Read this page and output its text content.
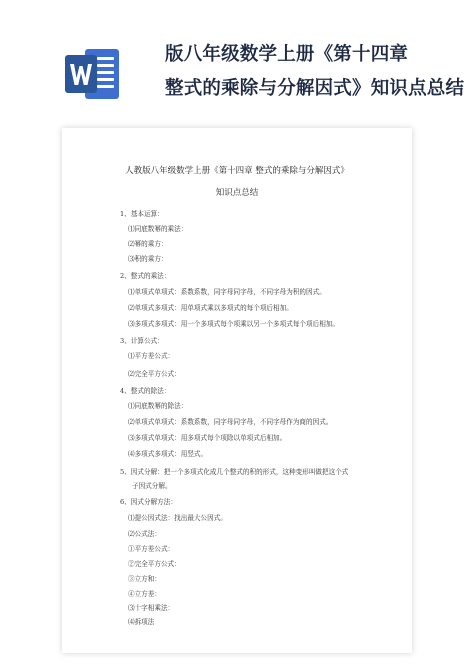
版八年级数学上册《第十四章
整式的乘除与分解因式》知识点总结
人教版八年级数学上册《第十四章 整式的乘除与分解因式》
知识点总结
1、基本运算：
⑴同底数幂的乘法：
⑵幂的乘方：
⑶积的乘方：
2、整式的乘法：
⑴单项式单项式：系数系数，同字母同字母，不同字母为积的因式。
⑵单项式多项式：用单项式乘以多项式的每个项后相加。
⑶多项式多项式：用一个多项式每个项乘以另一个多项式每个项后相加。
3、计算公式：
⑴平方差公式：
⑵完全平方公式：
4、整式的除法：
⑴同底数幂的除法：
⑵单项式单项式：系数系数，同字母同字母，不同字母作为商的因式。
⑶多项式单项式：用多项式每个项除以单项式后相加。
⑷多项式多项式：用竖式。
5、因式分解：把一个多项式化成几个整式的积的形式，这种变形叫做把这个式
子因式分解。
6、因式分解方法：
⑴提公因式法：找出最大公因式。
⑵公式法：
①平方差公式：
②完全平方公式：
③立方和：
④立方差：
⑶十字相乘法：
⑷拆项法
